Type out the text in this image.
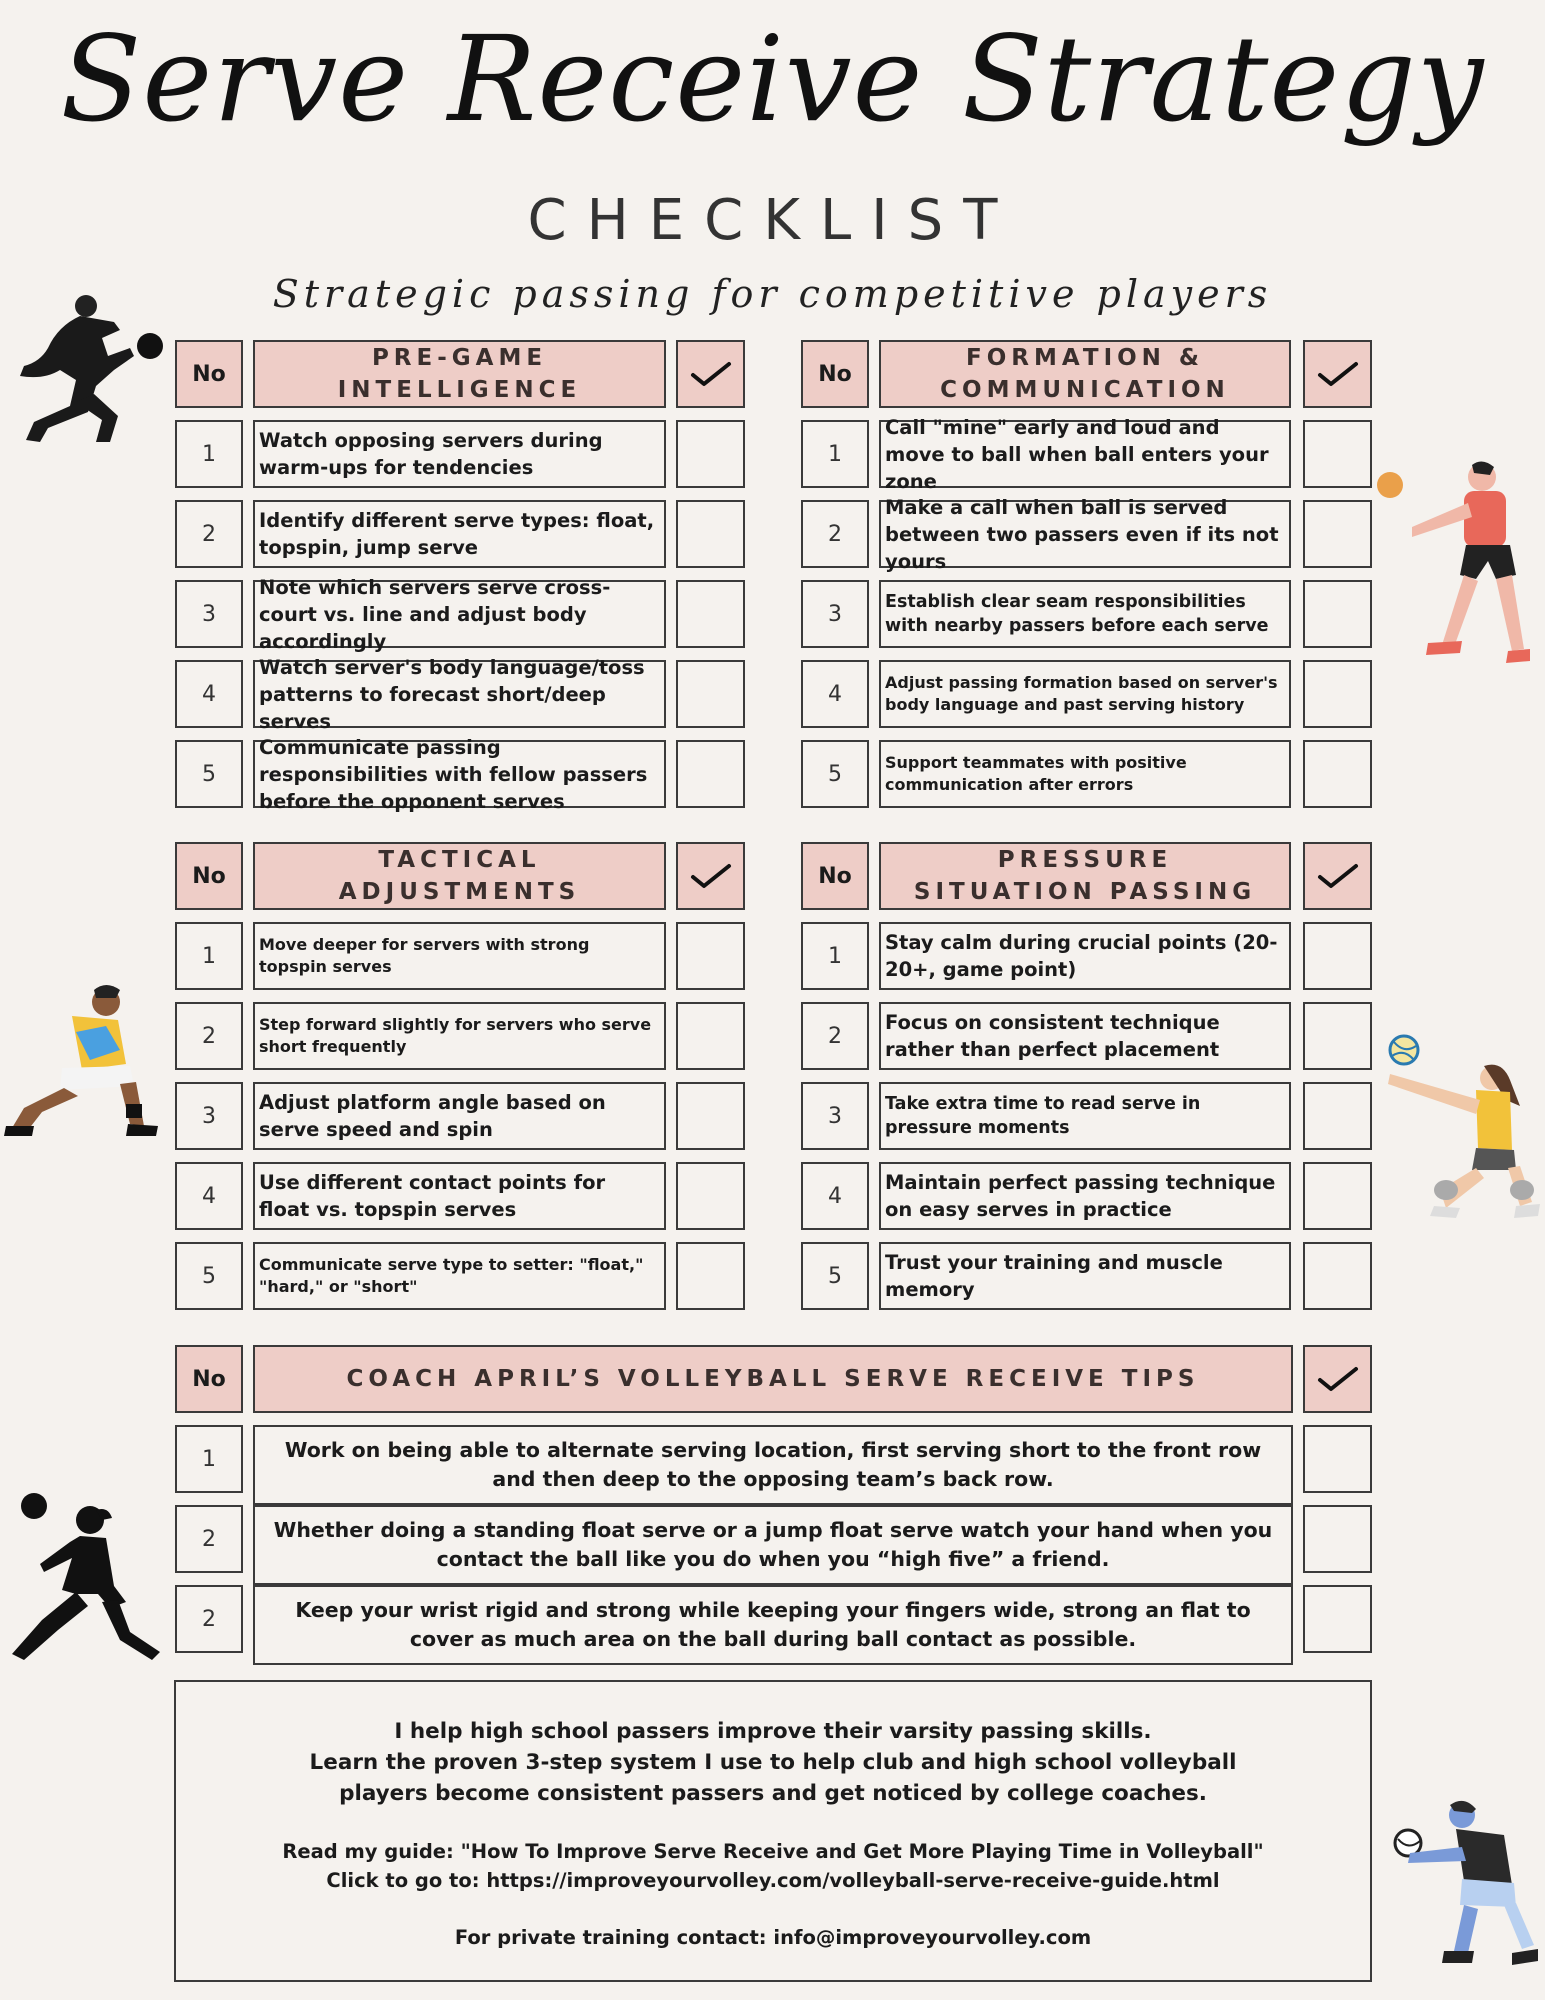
Serve Receive Strategy
CHECKLIST
Strategic passing for competitive players
No
PRE-GAME INTELLIGENCE
1
Watch opposing servers during warm-ups for tendencies
2
Identify different serve types: float, topspin, jump serve
3
Note which servers serve cross-court vs. line and adjust body accordingly
4
Watch server's body language/toss patterns to forecast short/deep serves
5
Communicate passing responsibilities with fellow passers before the opponent serves
No
FORMATION & COMMUNICATION
1
Call "mine" early and loud and move to ball when ball enters your zone
2
Make a call when ball is served between two passers even if its not yours
3	Establish clear seam responsibilities with nearby passers before each serve
4	Adjust passing formation based on server's body language and past serving history
5	Support teammates with positive communication after errors
No
TACTICAL ADJUSTMENTS
1	Move deeper for servers with strong topspin serves
2	Step forward slightly for servers who serve short frequently
3
Adjust platform angle based on serve speed and spin
4
Use different contact points for float vs. topspin serves
5	Communicate serve type to setter: "float," "hard," or "short"
No
PRESSURE SITUATION PASSING
1
Stay calm during crucial points (20-20+, game point)
2
Focus on consistent technique rather than perfect placement
3	Take extra time to read serve in pressure moments
4
Maintain perfect passing technique on easy serves in practice
5
Trust your training and muscle memory
No	COACH APRIL’S VOLLEYBALL SERVE RECEIVE TIPS
1	Work on being able to alternate serving location, first serving short to the front row and then deep to the opposing team’s back row.
2	Whether doing a standing float serve or a jump float serve watch your hand when you contact the ball like you do when you “high five” a friend.
2	Keep your wrist rigid and strong while keeping your fingers wide, strong an flat to cover as much area on the ball during ball contact as possible.
I help high school passers improve their varsity passing skills.
Learn the proven 3-step system I use to help club and high school volleyball players become consistent passers and get noticed by college coaches.
Read my guide: "How To Improve Serve Receive and Get More Playing Time in Volleyball"
Click to go to: https://improveyourvolley.com/volleyball-serve-receive-guide.html
For private training contact: info@improveyourvolley.com
